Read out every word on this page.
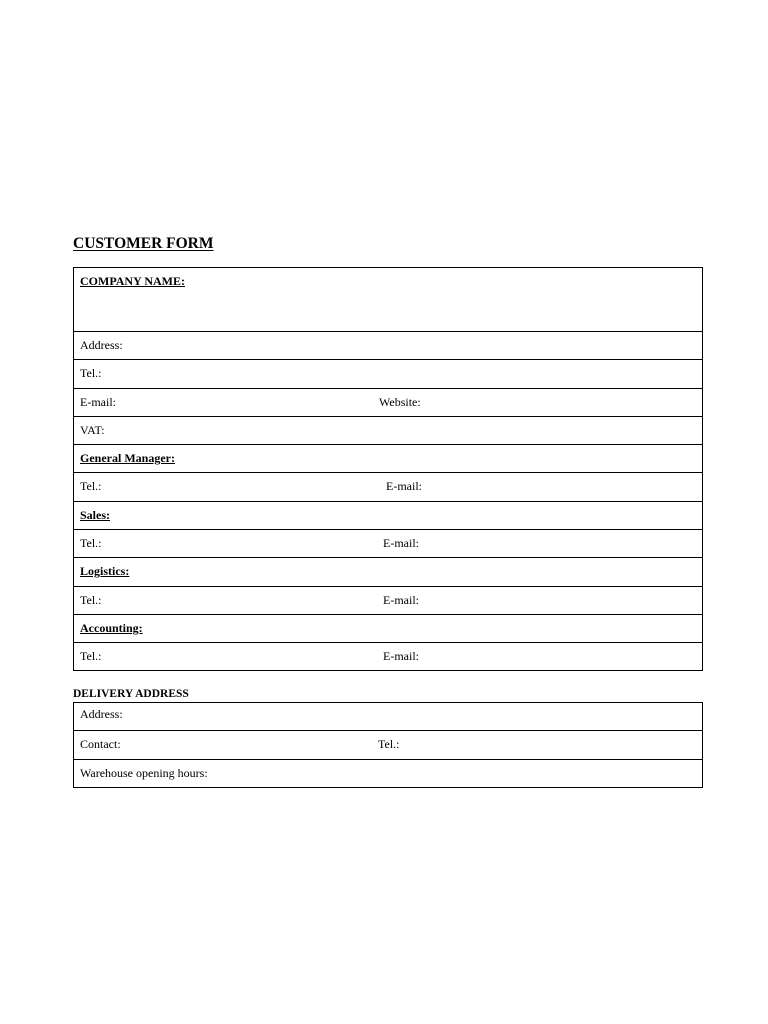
CUSTOMER FORM
COMPANY NAME:
Address:
Tel.:
E-mail:	Website:
VAT:
General Manager:
Tel.:	E-mail:
Sales:
Tel.:	E-mail:
Logistics:
Tel.:	E-mail:
Accounting:
Tel.:	E-mail:
DELIVERY ADDRESS
Address:
Contact:	Tel.:
Warehouse opening hours:
